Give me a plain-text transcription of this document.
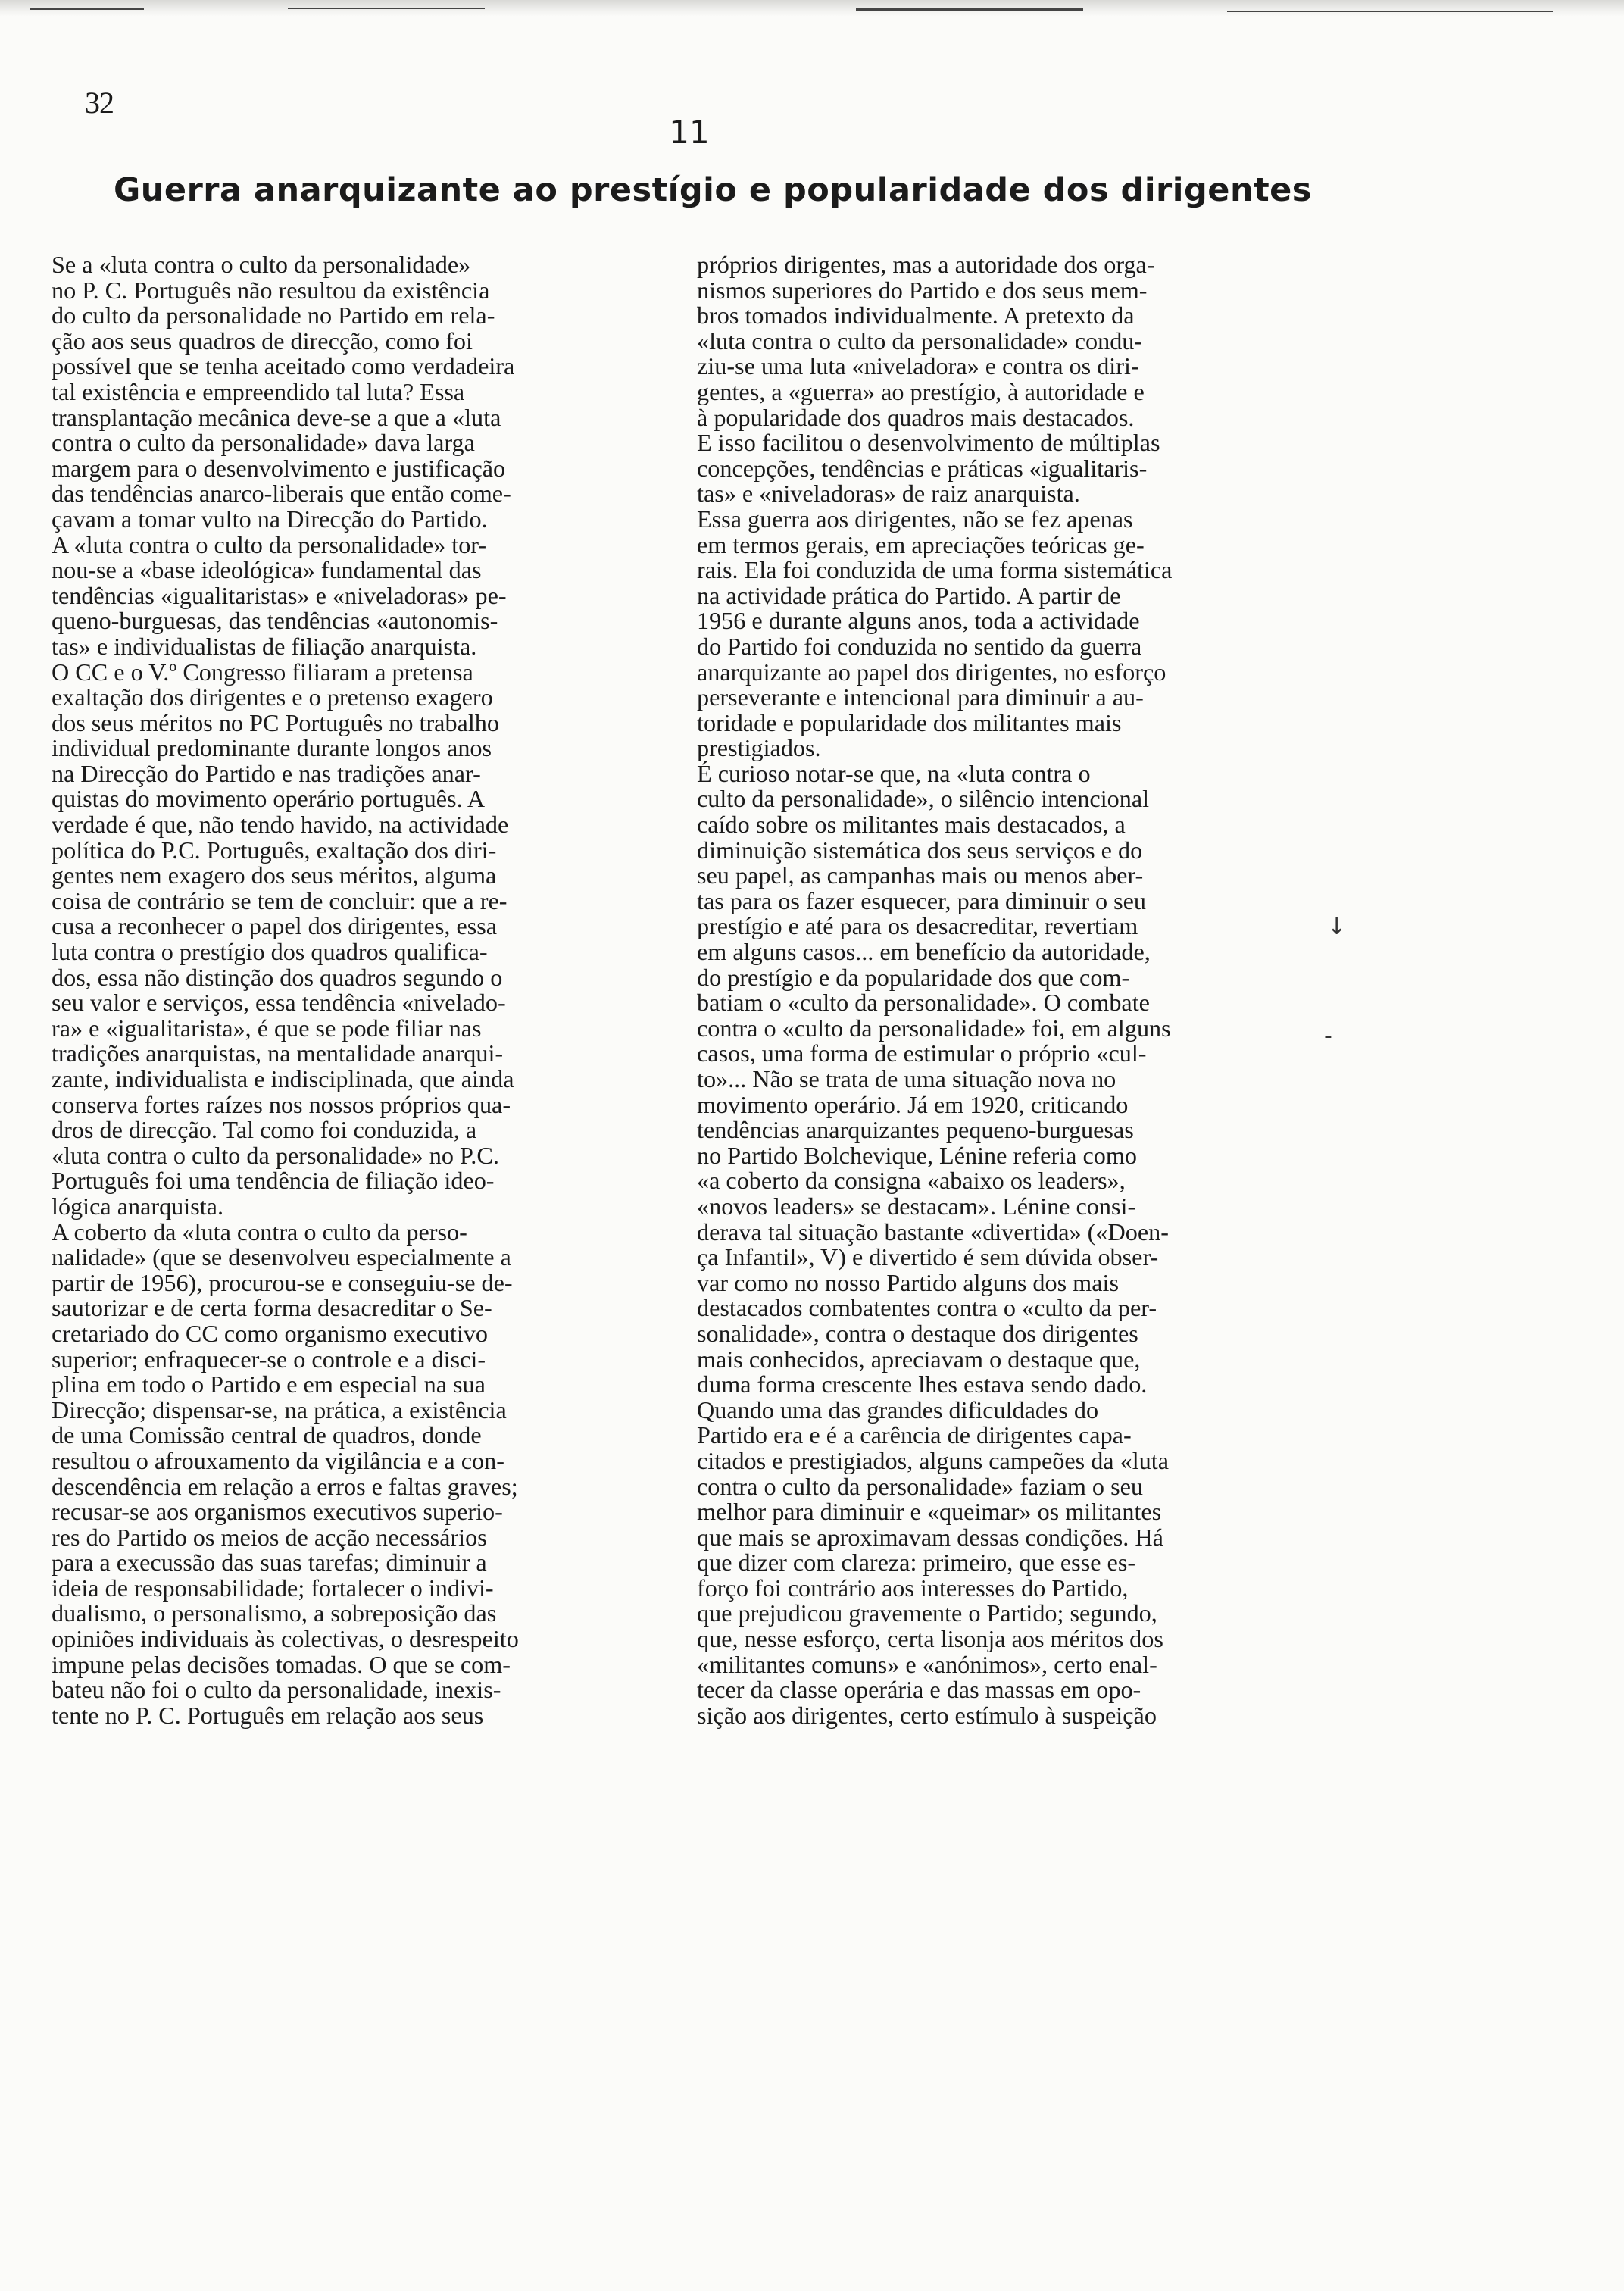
32
11
Guerra anarquizante ao prestígio e popularidade dos dirigentes
Se a «luta contra o culto da personalidade»
no P. C. Português não resultou da existência
do culto da personalidade no Partido em rela-
ção aos seus quadros de direcção, como foi
possível que se tenha aceitado como verdadeira
tal existência e empreendido tal luta? Essa
transplantação mecânica deve-se a que a «luta
contra o culto da personalidade» dava larga
margem para o desenvolvimento e justificação
das tendências anarco-liberais que então come-
çavam a tomar vulto na Direcção do Partido.
A «luta contra o culto da personalidade» tor-
nou-se a «base ideológica» fundamental das
tendências «igualitaristas» e «niveladoras» pe-
queno-burguesas, das tendências «autonomis-
tas» e individualistas de filiação anarquista.
O CC e o V.º Congresso filiaram a pretensa
exaltação dos dirigentes e o pretenso exagero
dos seus méritos no PC Português no trabalho
individual predominante durante longos anos
na Direcção do Partido e nas tradições anar-
quistas do movimento operário português. A
verdade é que, não tendo havido, na actividade
política do P.C. Português, exaltação dos diri-
gentes nem exagero dos seus méritos, alguma
coisa de contrário se tem de concluir: que a re-
cusa a reconhecer o papel dos dirigentes, essa
luta contra o prestígio dos quadros qualifica-
dos, essa não distinção dos quadros segundo o
seu valor e serviços, essa tendência «nivelado-
ra» e «igualitarista», é que se pode filiar nas
tradições anarquistas, na mentalidade anarqui-
zante, individualista e indisciplinada, que ainda
conserva fortes raízes nos nossos próprios qua-
dros de direcção. Tal como foi conduzida, a
«luta contra o culto da personalidade» no P.C.
Português foi uma tendência de filiação ideo-
lógica anarquista.
A coberto da «luta contra o culto da perso-
nalidade» (que se desenvolveu especialmente a
partir de 1956), procurou-se e conseguiu-se de-
sautorizar e de certa forma desacreditar o Se-
cretariado do CC como organismo executivo
superior; enfraquecer-se o controle e a disci-
plina em todo o Partido e em especial na sua
Direcção; dispensar-se, na prática, a existência
de uma Comissão central de quadros, donde
resultou o afrouxamento da vigilância e a con-
descendência em relação a erros e faltas graves;
recusar-se aos organismos executivos superio-
res do Partido os meios de acção necessários
para a execussão das suas tarefas; diminuir a
ideia de responsabilidade; fortalecer o indivi-
dualismo, o personalismo, a sobreposição das
opiniões individuais às colectivas, o desrespeito
impune pelas decisões tomadas. O que se com-
bateu não foi o culto da personalidade, inexis-
tente no P. C. Português em relação aos seus
próprios dirigentes, mas a autoridade dos orga-
nismos superiores do Partido e dos seus mem-
bros tomados individualmente. A pretexto da
«luta contra o culto da personalidade» condu-
ziu-se uma luta «niveladora» e contra os diri-
gentes, a «guerra» ao prestígio, à autoridade e
à popularidade dos quadros mais destacados.
E isso facilitou o desenvolvimento de múltiplas
concepções, tendências e práticas «igualitaris-
tas» e «niveladoras» de raiz anarquista.
Essa guerra aos dirigentes, não se fez apenas
em termos gerais, em apreciações teóricas ge-
rais. Ela foi conduzida de uma forma sistemática
na actividade prática do Partido. A partir de
1956 e durante alguns anos, toda a actividade
do Partido foi conduzida no sentido da guerra
anarquizante ao papel dos dirigentes, no esforço
perseverante e intencional para diminuir a au-
toridade e popularidade dos militantes mais
prestigiados.
É curioso notar-se que, na «luta contra o
culto da personalidade», o silêncio intencional
caído sobre os militantes mais destacados, a
diminuição sistemática dos seus serviços e do
seu papel, as campanhas mais ou menos aber-
tas para os fazer esquecer, para diminuir o seu
prestígio e até para os desacreditar, revertiam
em alguns casos... em benefício da autoridade,
do prestígio e da popularidade dos que com-
batiam o «culto da personalidade». O combate
contra o «culto da personalidade» foi, em alguns
casos, uma forma de estimular o próprio «cul-
to»... Não se trata de uma situação nova no
movimento operário. Já em 1920, criticando
tendências anarquizantes pequeno-burguesas
no Partido Bolchevique, Lénine referia como
«a coberto da consigna «abaixo os leaders»,
«novos leaders» se destacam». Lénine consi-
derava tal situação bastante «divertida» («Doen-
ça Infantil», V) e divertido é sem dúvida obser-
var como no nosso Partido alguns dos mais
destacados combatentes contra o «culto da per-
sonalidade», contra o destaque dos dirigentes
mais conhecidos, apreciavam o destaque que,
duma forma crescente lhes estava sendo dado.
Quando uma das grandes dificuldades do
Partido era e é a carência de dirigentes capa-
citados e prestigiados, alguns campeões da «luta
contra o culto da personalidade» faziam o seu
melhor para diminuir e «queimar» os militantes
que mais se aproximavam dessas condições. Há
que dizer com clareza: primeiro, que esse es-
forço foi contrário aos interesses do Partido,
que prejudicou gravemente o Partido; segundo,
que, nesse esforço, certa lisonja aos méritos dos
«militantes comuns» e «anónimos», certo enal-
tecer da classe operária e das massas em opo-
sição aos dirigentes, certo estímulo à suspeição
↓
-
